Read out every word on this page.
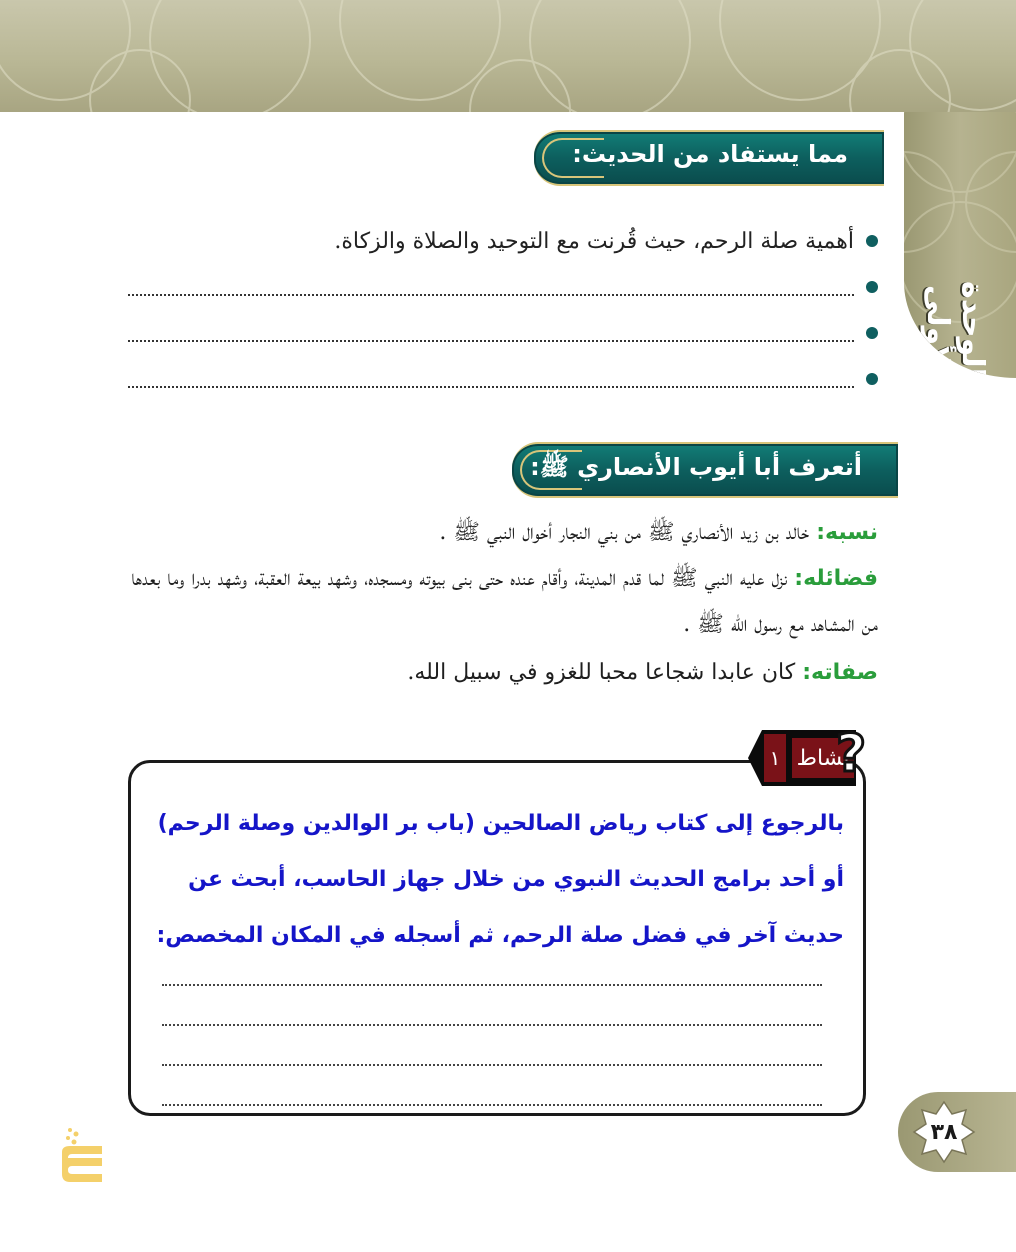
الوحدة الأولى
مما يستفاد من الحديث:
أهمية صلة الرحم، حيث قُرنت مع التوحيد والصلاة والزكاة.
أتعرف أبا أيوب الأنصاري ﷺ:
نسبه: خالد بن زيد الأنصاري ﷺ من بني النجار أخوال النبي ﷺ .
فضائله: نزل عليه النبي ﷺ لما قدم المدينة، وأقام عنده حتى بنى بيوته ومسجده، وشهد بيعة العقبة، وشهد بدرا وما بعدها من المشاهد مع رسول الله ﷺ .
صفاته: كان عابدا شجاعا محبا للغزو في سبيل الله.
١ نشاط
?
بالرجوع إلى كتاب رياض الصالحين (باب بر الوالدين وصلة الرحم) أو أحد برامج الحديث النبوي من خلال جهاز الحاسب، أبحث عن حديث آخر في فضل صلة الرحم، ثم أسجله في المكان المخصص:
٣٨
